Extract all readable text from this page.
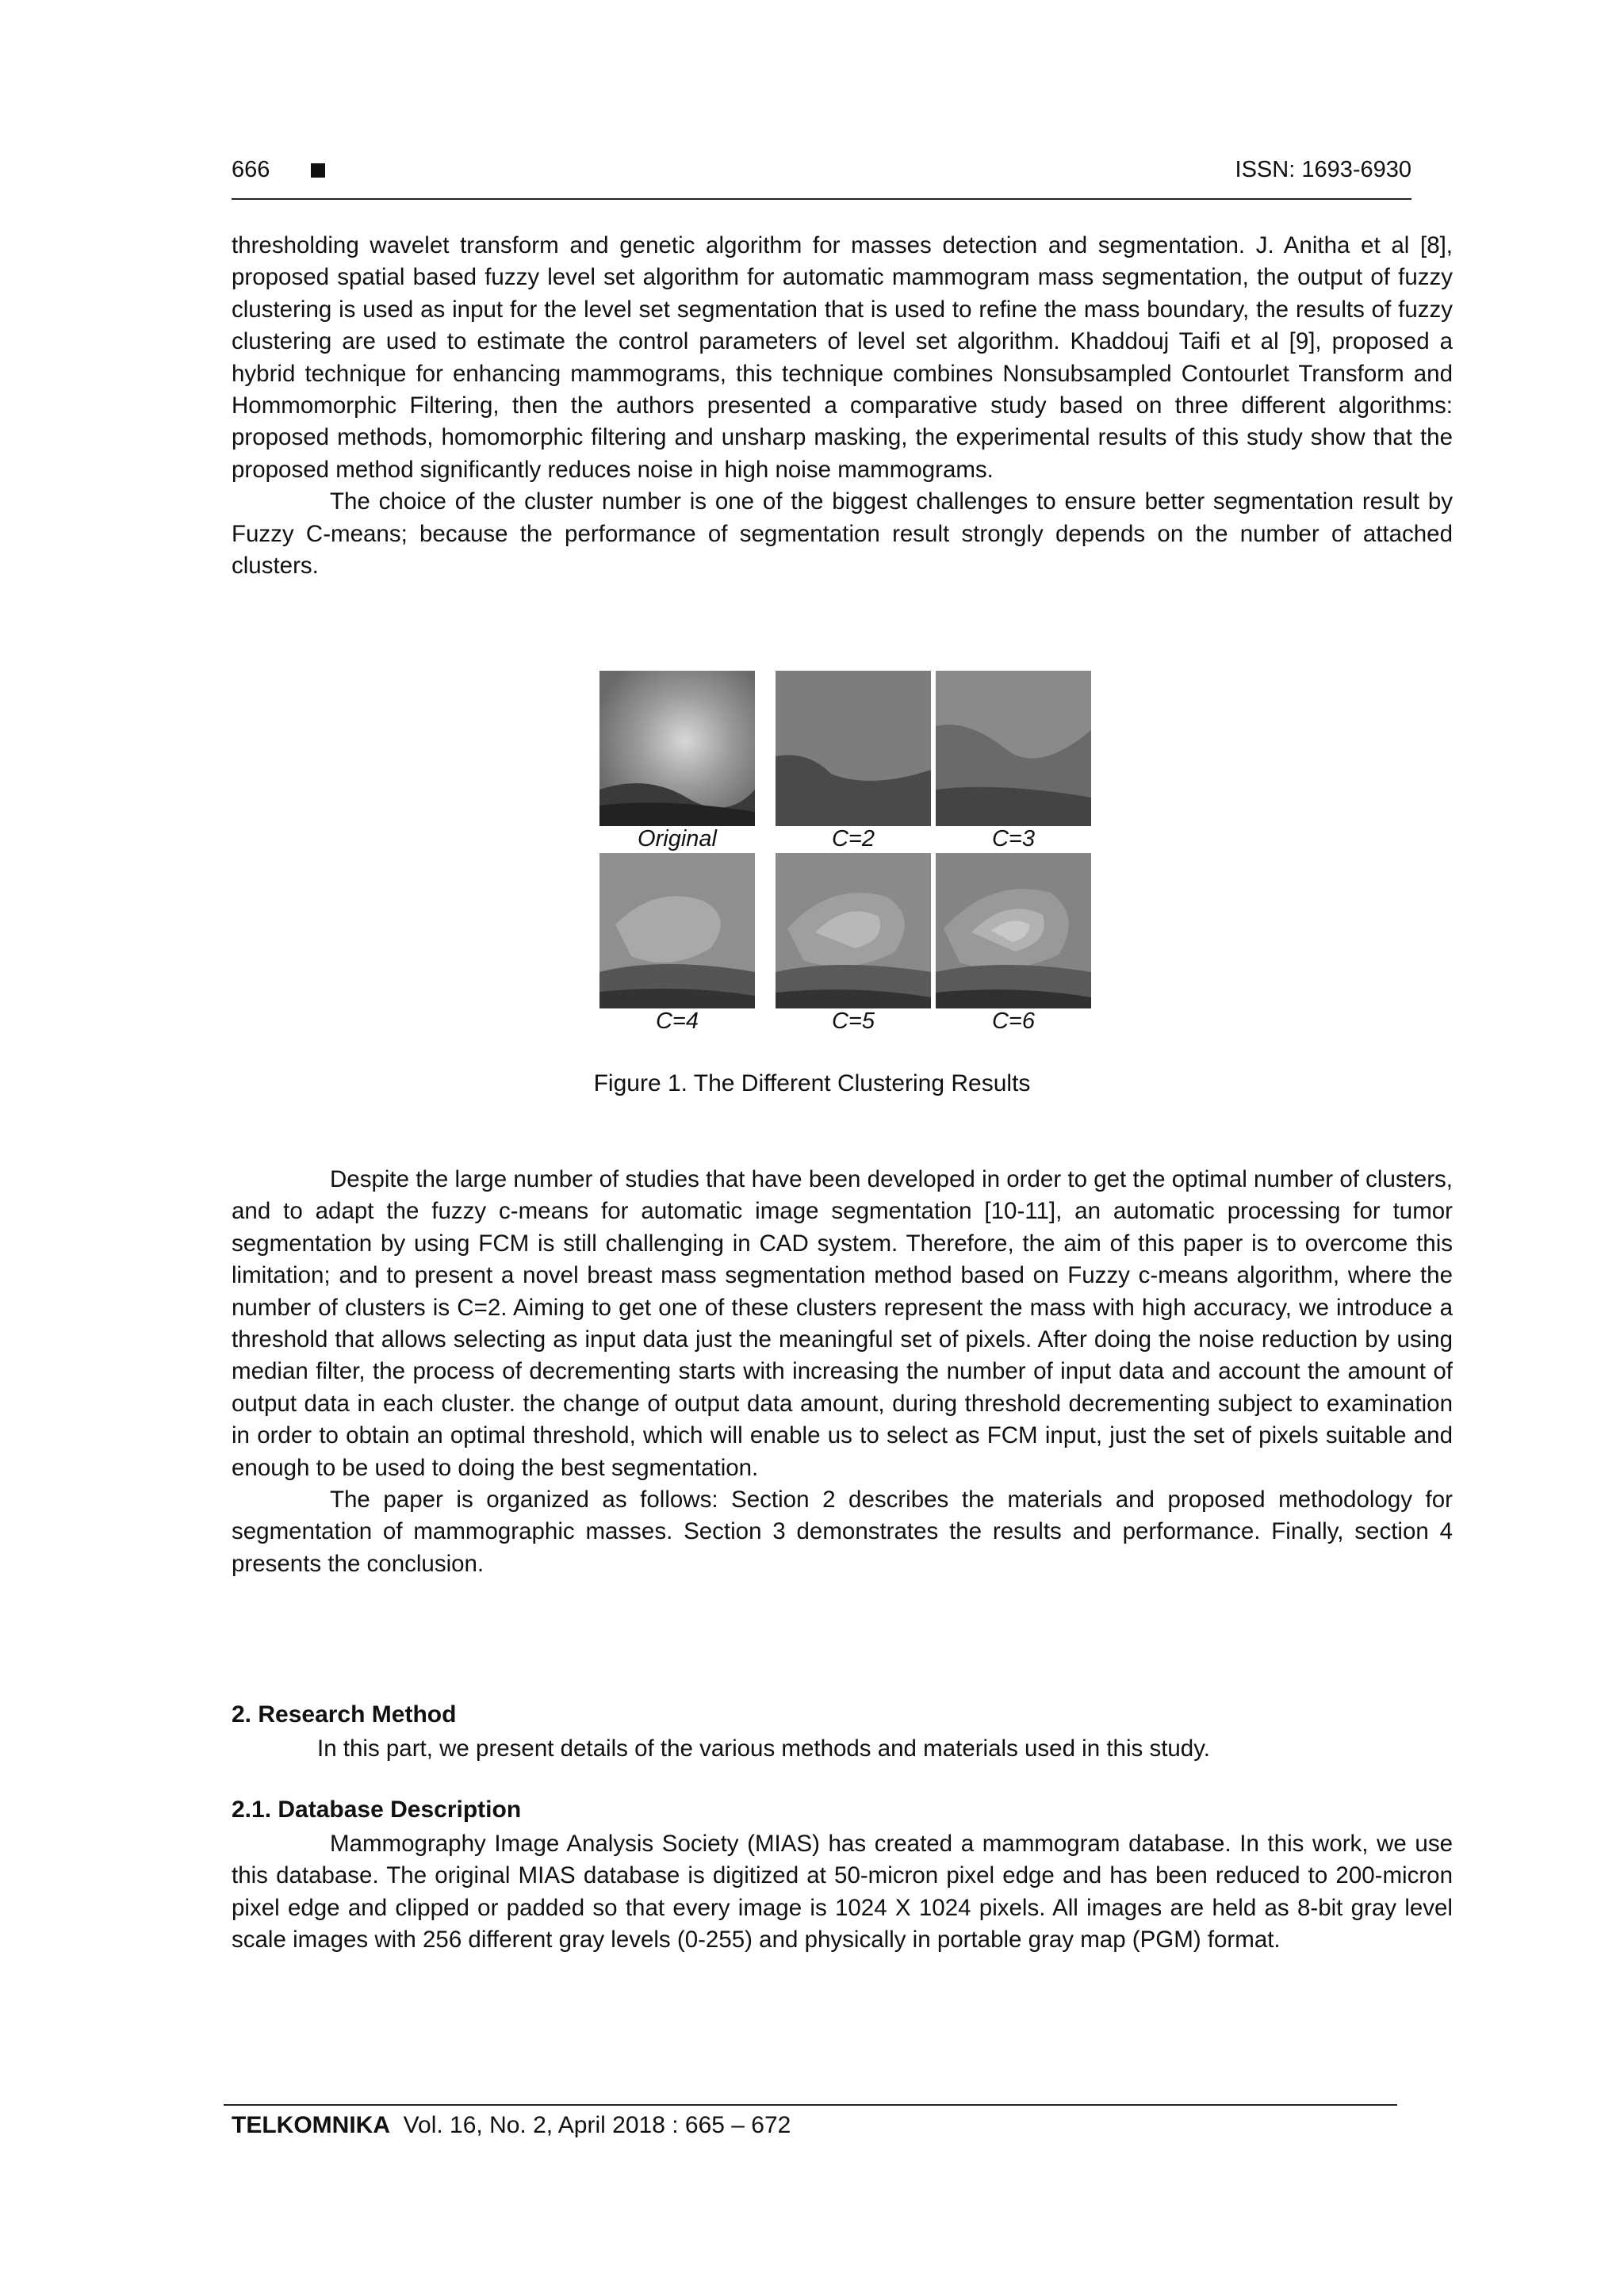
666	ISSN: 1693-6930

thresholding wavelet transform and genetic algorithm for masses detection and segmentation. J. Anitha et al [8], proposed spatial based fuzzy level set algorithm for automatic mammogram mass segmentation, the output of fuzzy clustering is used as input for the level set segmentation that is used to refine the mass boundary, the results of fuzzy clustering are used to estimate the control parameters of level set algorithm. Khaddouj Taifi et al [9], proposed a hybrid technique for enhancing mammograms, this technique combines Nonsubsampled Contourlet Transform and Hommomorphic Filtering, then the authors presented a comparative study based on three different algorithms: proposed methods, homomorphic filtering and unsharp masking, the experimental results of this study show that the proposed method significantly reduces noise in high noise mammograms.

The choice of the cluster number is one of the biggest challenges to ensure better segmentation result by Fuzzy C-means; because the performance of segmentation result strongly depends on the number of attached clusters.

Original	C=2	C=3
C=4	C=5	C=6
Figure 1. The Different Clustering Results

Despite the large number of studies that have been developed in order to get the optimal number of clusters, and to adapt the fuzzy c-means for automatic image segmentation [10-11], an automatic processing for tumor segmentation by using FCM is still challenging in CAD system. Therefore, the aim of this paper is to overcome this limitation; and to present a novel breast mass segmentation method based on Fuzzy c-means algorithm, where the number of clusters is C=2. Aiming to get one of these clusters represent the mass with high accuracy, we introduce a threshold that allows selecting as input data just the meaningful set of pixels. After doing the noise reduction by using median filter, the process of decrementing starts with increasing the number of input data and account the amount of output data in each cluster. the change of output data amount, during threshold decrementing subject to examination in order to obtain an optimal threshold, which will enable us to select as FCM input, just the set of pixels suitable and enough to be used to doing the best segmentation.

The paper is organized as follows: Section 2 describes the materials and proposed methodology for segmentation of mammographic masses. Section 3 demonstrates the results and performance. Finally, section 4 presents the conclusion.

2. Research Method

In this part, we present details of the various methods and materials used in this study.

2.1. Database Description

Mammography Image Analysis Society (MIAS) has created a mammogram database. In this work, we use this database. The original MIAS database is digitized at 50-micron pixel edge and has been reduced to 200-micron pixel edge and clipped or padded so that every image is 1024 X 1024 pixels. All images are held as 8-bit gray level scale images with 256 different gray levels (0-255) and physically in portable gray map (PGM) format.

TELKOMNIKA Vol. 16, No. 2, April 2018 : 665 – 672
